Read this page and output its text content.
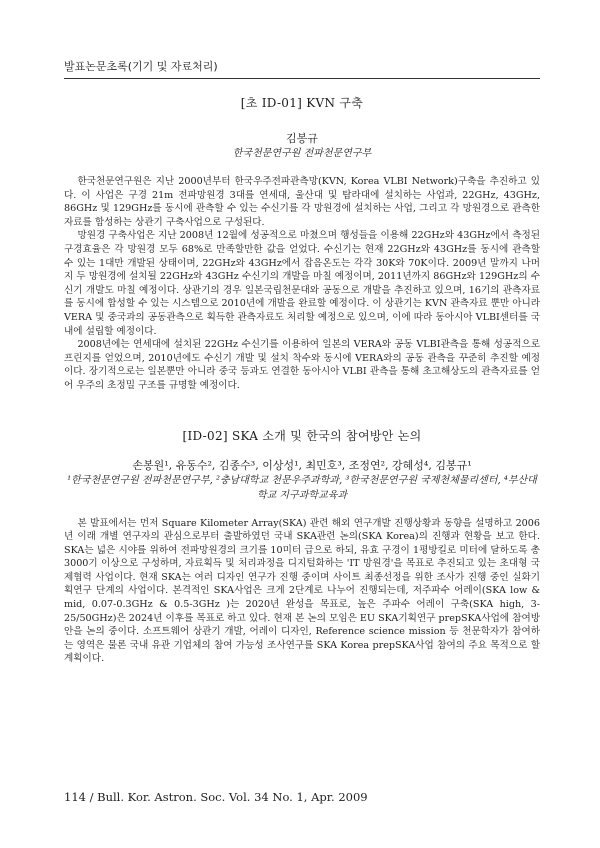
발표논문초록(기기 및 자료처리)
[초 ID-01] KVN 구축
김봉규
한국천문연구원 전파천문연구부

한국천문연구원은 지난 2000년부터 한국우주전파관측망(KVN, Korea VLBI Network)구축을 추진하고 있다. 이 사업은 구경 21m 전파망원경 3대를 연세대, 울산대 및 탐라대에 설치하는 사업과, 22GHz, 43GHz, 86GHz 및 129GHz를 동시에 관측할 수 있는 수신기를 각 망원경에 설치하는 사업, 그리고 각 망원경으로 관측한 자료를 합성하는 상관기 구축사업으로 구성된다.

망원경 구축사업은 지난 2008년 12월에 성공적으로 마쳤으며 행성들을 이용해 22GHz와 43GHz에서 측정된 구경효율은 각 망원경 모두 68%로 만족할만한 값을 얻었다. 수신기는 현재 22GHz와 43GHz를 동시에 관측할 수 있는 1대만 개발된 상태이며, 22GHz와 43GHz에서 잡음온도는 각각 30K와 70K이다. 2009년 말까지 나머지 두 망원경에 설치될 22GHz와 43GHz 수신기의 개발을 마칠 예정이며, 2011년까지 86GHz와 129GHz의 수신기 개발도 마칠 예정이다. 상관기의 경우 일본국립천문대와 공동으로 개발을 추진하고 있으며, 16기의 관측자료를 동시에 합성할 수 있는 시스템으로 2010년에 개발을 완료할 예정이다. 이 상관기는 KVN 관측자료 뿐만 아니라 VERA 및 중국과의 공동관측으로 획득한 관측자료도 처리할 예정으로 있으며, 이에 따라 동아시아 VLBI센터를 국내에 설립할 예정이다.

2008년에는 연세대에 설치된 22GHz 수신기를 이용하여 일본의 VERA와 공동 VLBI관측을 통해 성공적으로 프린지를 얻었으며, 2010년에도 수신기 개발 및 설치 착수와 동시에 VERA와의 공동 관측을 꾸준히 추진할 예정이다. 장기적으로는 일본뿐만 아니라 중국 등과도 연결한 동아시아 VLBI 관측을 통해 초고해상도의 관측자료를 얻어 우주의 초정밀 구조를 규명할 예정이다.

[ID-02] SKA 소개 및 한국의 참여방안 논의
손봉원¹, 유동수², 김종수³, 이상성¹, 최민호³, 조정연², 강혜성⁴, 김봉규¹
¹한국천문연구원 전파천문연구부, ²충남대학교 천문우주과학과, ³한국천문연구원 국제천체물리센터, ⁴부산대학교 지구과학교육과

본 발표에서는 먼저 Square Kilometer Array(SKA) 관련 해외 연구개발 진행상황과 동향을 설명하고 2006년 이래 개별 연구자의 관심으로부터 출발하였던 국내 SKA관련 논의(SKA Korea)의 진행과 현황을 보고 한다. SKA는 넓은 시야를 위하여 전파망원경의 크기를 10미터 급으로 하되, 유효 구경이 1평방킬로 미터에 달하도록 총 3000기 이상으로 구성하며, 자료획득 및 처리과정을 디지털화하는 'IT 망원경'을 목표로 추진되고 있는 초대형 국제협력 사업이다. 현재 SKA는 여러 디자인 연구가 진행 중이며 사이트 최종선정을 위한 조사가 진행 중인 실화기획연구 단계의 사업이다. 본격적인 SKA사업은 크게 2단계로 나누어 진행되는데, 저주파수 어레이(SKA low & mid, 0.07-0.3GHz & 0.5-3GHz )는 2020년 완성을 목표로, 높은 주파수 어레이 구축(SKA high, 3-25/50GHz)은 2024년 이후를 목표로 하고 있다. 현재 본 논의 모임은 EU SKA기획연구 prepSKA사업에 참여방안을 논의 중이다. 소프트웨어 상관기 개발, 어레이 디자인, Reference science mission 등 천문학자가 참여하는 영역은 물론 국내 유관 기업체의 참여 가능성 조사연구를 SKA Korea prepSKA사업 참여의 주요 목적으로 할 계획이다.

114 / Bull. Kor. Astron. Soc. Vol. 34 No. 1, Apr. 2009
